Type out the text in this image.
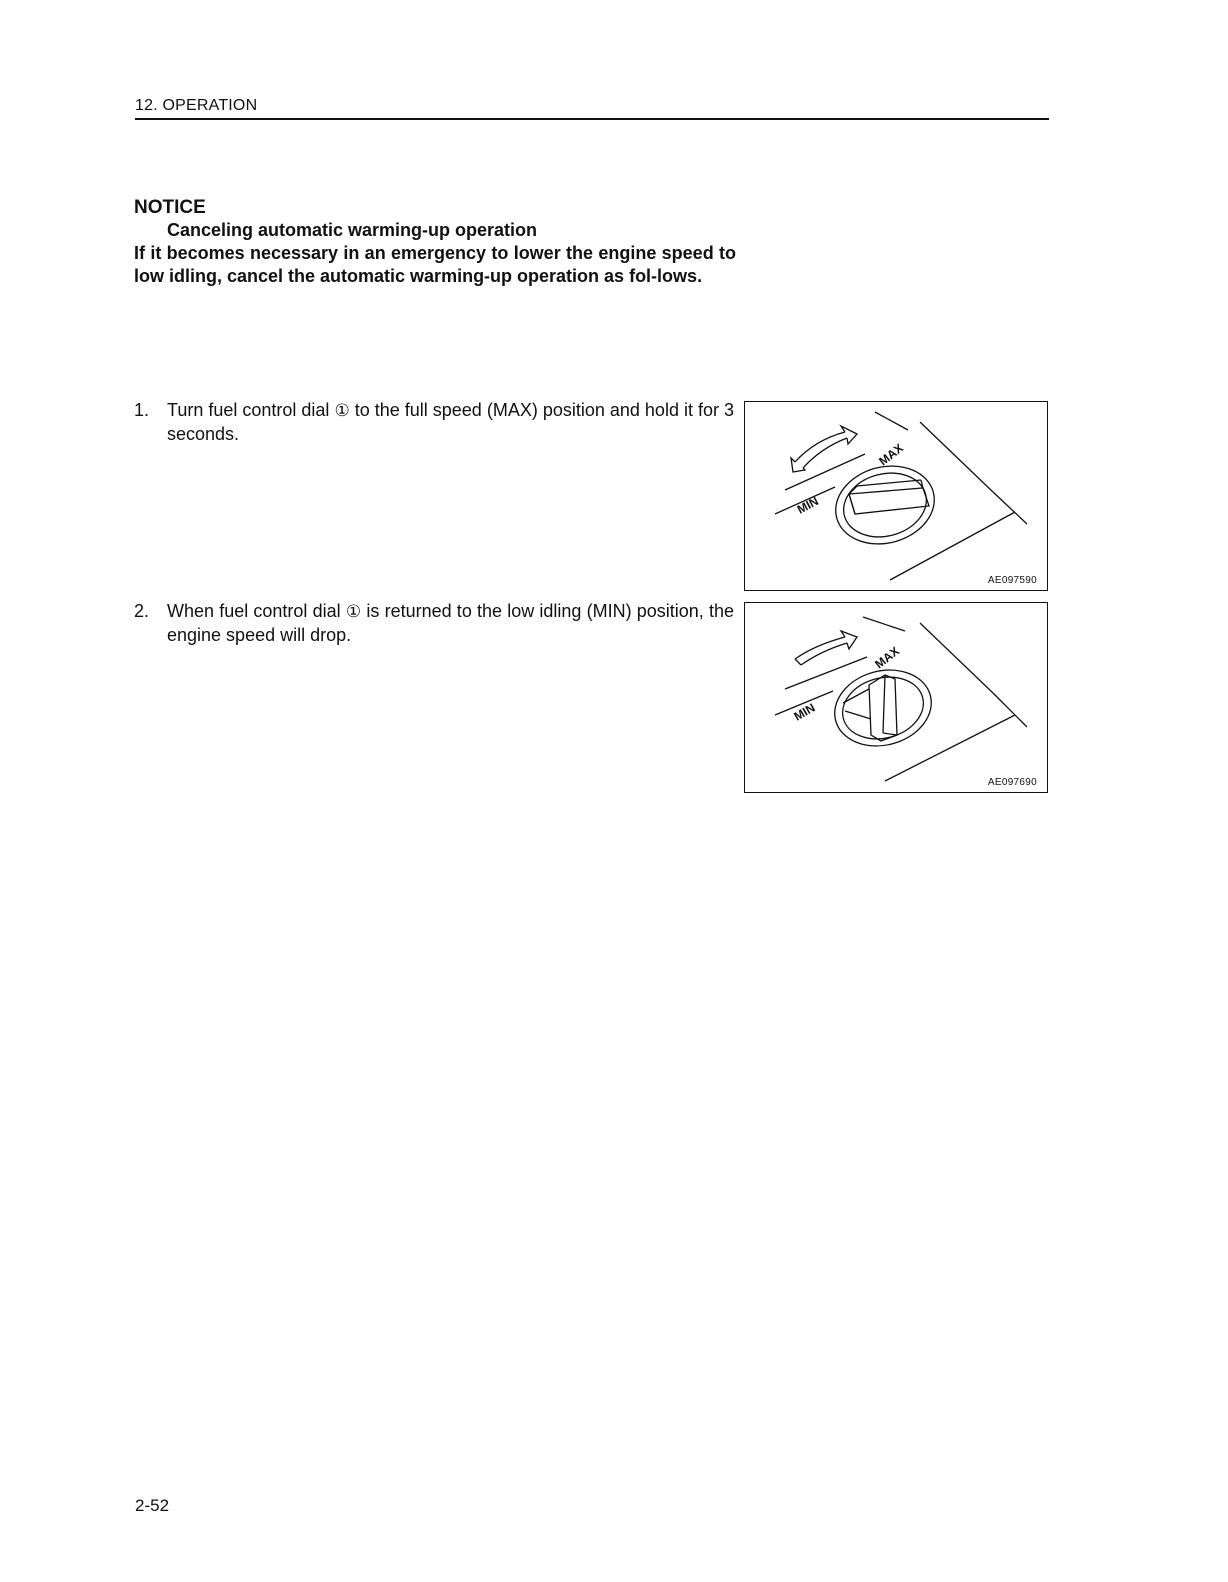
12. OPERATION
NOTICE
Canceling automatic warming-up operation
If it becomes necessary in an emergency to lower the engine speed to low idling, cancel the automatic warming-up operation as fol-lows.
1. Turn fuel control dial ① to the full speed (MAX) position and hold it for 3 seconds.
2. When fuel control dial ① is returned to the low idling (MIN) position, the engine speed will drop.
MAX
MIN
AE097590
MAX
MIN
AE097690
2-52
